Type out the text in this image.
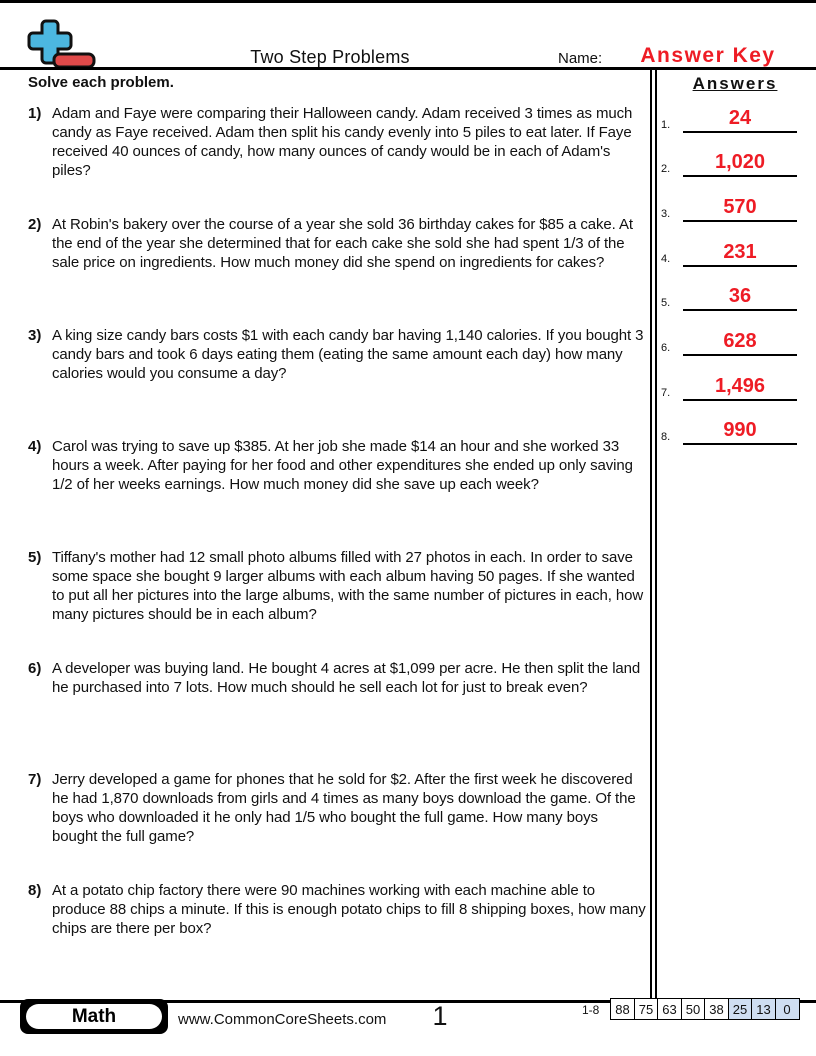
Two Step Problems	Name:	Answer Key
Solve each problem.	Answers
1.	24
2.	1,020
3.	570
4.	231
5.	36
6.	628
7.	1,496
8.	990
1) Adam and Faye were comparing their Halloween candy. Adam received 3 times as much candy as Faye received. Adam then split his candy evenly into 5 piles to eat later. If Faye received 40 ounces of candy, how many ounces of candy would be in each of Adam's piles?
2) At Robin's bakery over the course of a year she sold 36 birthday cakes for $85 a cake. At the end of the year she determined that for each cake she sold she had spent 1/3 of the sale price on ingredients. How much money did she spend on ingredients for cakes?
3) A king size candy bars costs $1 with each candy bar having 1,140 calories. If you bought 3 candy bars and took 6 days eating them (eating the same amount each day) how many calories would you consume a day?
4) Carol was trying to save up $385. At her job she made $14 an hour and she worked 33 hours a week. After paying for her food and other expenditures she ended up only saving 1/2 of her weeks earnings. How much money did she save up each week?
5) Tiffany's mother had 12 small photo albums filled with 27 photos in each. In order to save some space she bought 9 larger albums with each album having 50 pages. If she wanted to put all her pictures into the large albums, with the same number of pictures in each, how many pictures should be in each album?
6) A developer was buying land. He bought 4 acres at $1,099 per acre. He then split the land he purchased into 7 lots. How much should he sell each lot for just to break even?
7) Jerry developed a game for phones that he sold for $2. After the first week he discovered he had 1,870 downloads from girls and 4 times as many boys download the game. Of the boys who downloaded it he only had 1/5 who bought the full game. How many boys bought the full game?
8) At a potato chip factory there were 90 machines working with each machine able to produce 88 chips a minute. If this is enough potato chips to fill 8 shipping boxes, how many chips are there per box?
Math	www.CommonCoreSheets.com	1	1-8	88 75 63 50 38 25 13 0
